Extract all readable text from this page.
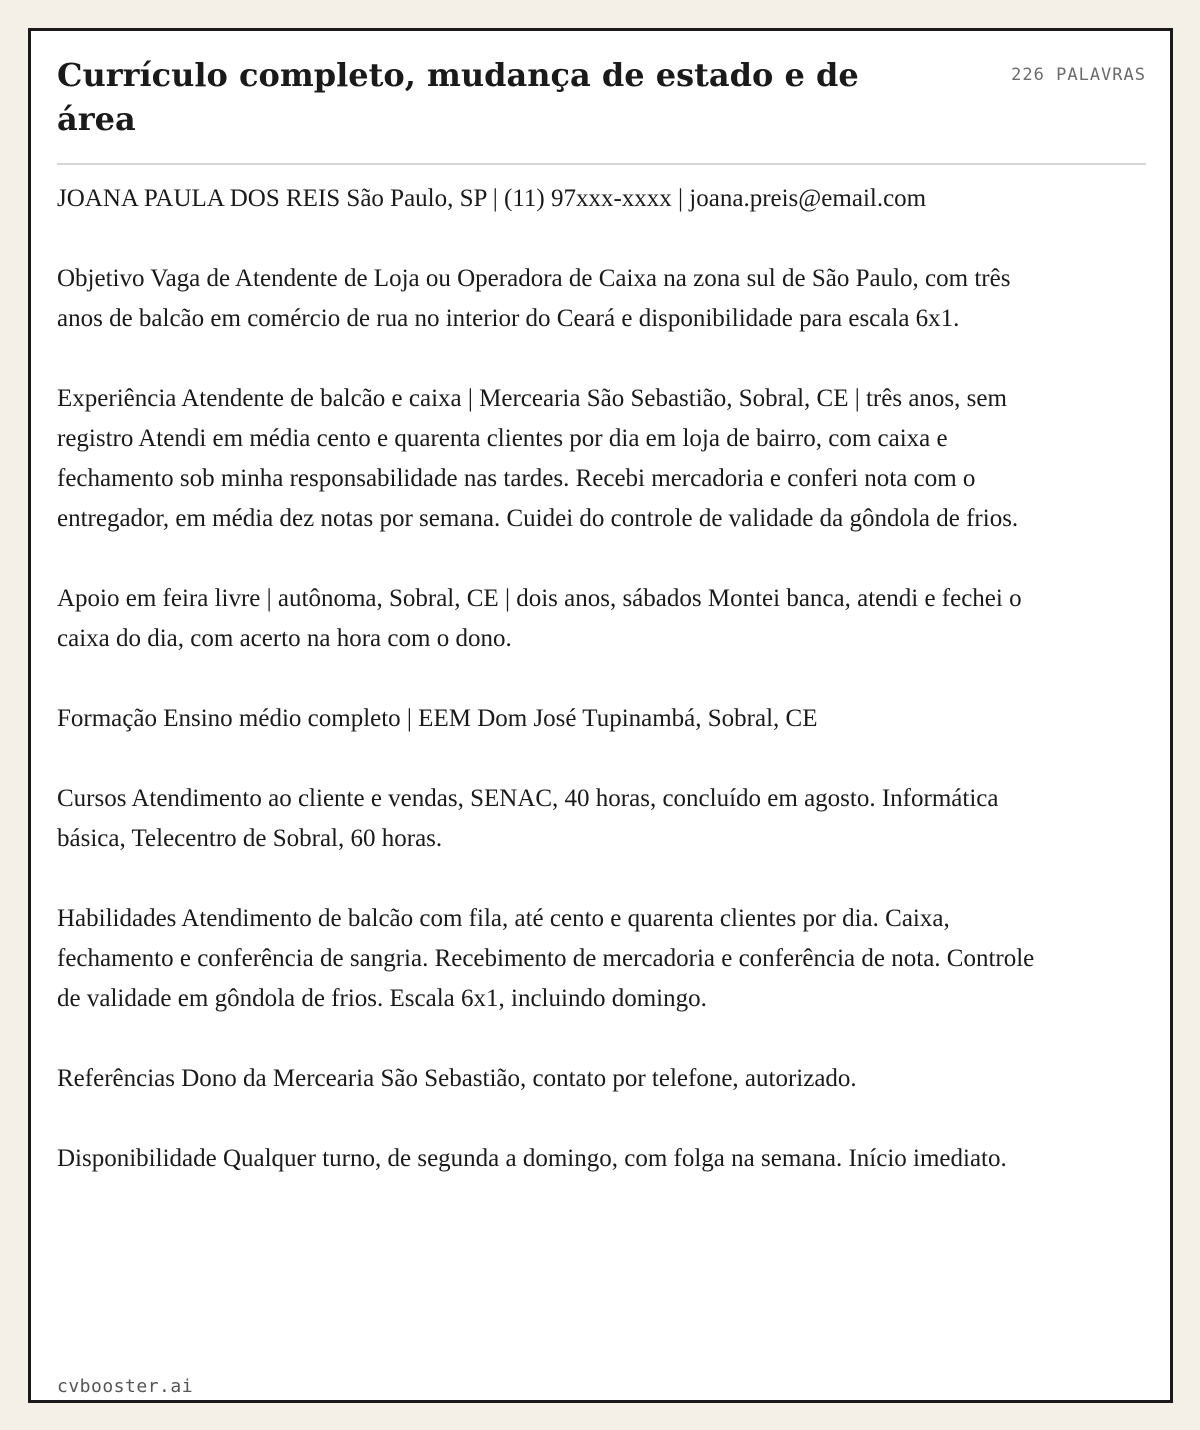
Currículo completo, mudança de estado e de área
226 PALAVRAS

JOANA PAULA DOS REIS São Paulo, SP | (11) 97xxx-xxxx | joana.preis@email.com

Objetivo Vaga de Atendente de Loja ou Operadora de Caixa na zona sul de São Paulo, com três anos de balcão em comércio de rua no interior do Ceará e disponibilidade para escala 6x1.

Experiência Atendente de balcão e caixa | Mercearia São Sebastião, Sobral, CE | três anos, sem registro Atendi em média cento e quarenta clientes por dia em loja de bairro, com caixa e fechamento sob minha responsabilidade nas tardes. Recebi mercadoria e conferi nota com o entregador, em média dez notas por semana. Cuidei do controle de validade da gôndola de frios.

Apoio em feira livre | autônoma, Sobral, CE | dois anos, sábados Montei banca, atendi e fechei o caixa do dia, com acerto na hora com o dono.

Formação Ensino médio completo | EEM Dom José Tupinambá, Sobral, CE

Cursos Atendimento ao cliente e vendas, SENAC, 40 horas, concluído em agosto. Informática básica, Telecentro de Sobral, 60 horas.

Habilidades Atendimento de balcão com fila, até cento e quarenta clientes por dia. Caixa, fechamento e conferência de sangria. Recebimento de mercadoria e conferência de nota. Controle de validade em gôndola de frios. Escala 6x1, incluindo domingo.

Referências Dono da Mercearia São Sebastião, contato por telefone, autorizado.

Disponibilidade Qualquer turno, de segunda a domingo, com folga na semana. Início imediato.

cvbooster.ai
